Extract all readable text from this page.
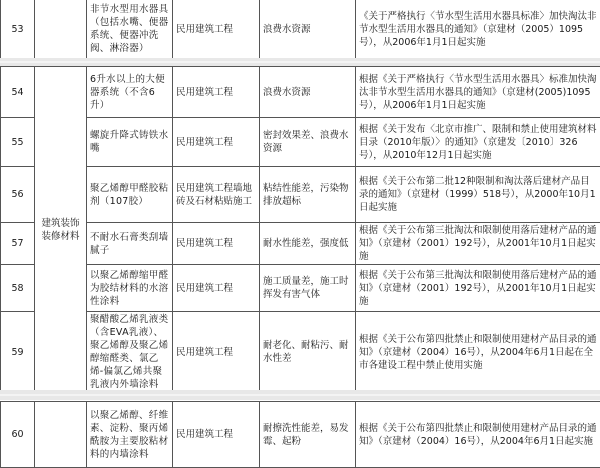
53		非节水型用水器具（包括水嘴、便器系统、便器冲洗阀、淋浴器）	民用建筑工程	浪费水资源	《关于严格执行〈节水型生活用水器具标准〉加快淘汰非节水型生活用水器具的通知》（京建材（2005）1095号），从2006年1月1日起实施
54	建筑装饰装修材料	6升水以上的大便器系统（不含6升）	民用建筑工程	浪费水资源	根据《关于严格执行〈节水型生活用水器具〉标准加快淘汰非节水型生活用水器具的通知》（京建材(2005)1095号），从2006年1月1日起实施
55		螺旋升降式铸铁水嘴	民用建筑工程	密封效果差、浪费水资源	根据《关于发布〈北京市推广、限制和禁止使用建筑材料目录（2010年版）〉的通知》（京建发〔2010〕326号），从2010年12月1日起实施
56		聚乙烯醇甲醛胶粘剂（107胶）	民用建筑工程墙地砖及石材粘贴施工	粘结性能差，污染物排放超标	根据《关于公布第二批12种限制和淘汰落后建材产品目录的通知》（京建材（1999）518号），从2000年10月1日起实施
57		不耐水石膏类刮墙腻子	民用建筑工程	耐水性能差，强度低	根据《关于公布第三批淘汰和限制使用落后建材产品的通知》（京建材（2001）192号），从2001年10月1日起实施
58		以聚乙烯醇缩甲醛为胶结材料的水溶性涂料	民用建筑工程	施工质量差，施工时挥发有害气体	根据《关于公布第三批淘汰和限制使用落后建材产品的通知》（京建材（2001）192号），从2001年10月1日起实施
59		聚醋酸乙烯乳液类（含EVA乳液）、聚乙烯醇及聚乙烯醇缩醛类、氯乙烯-偏氯乙烯共聚乳液内外墙涂料	民用建筑工程	耐老化、耐粘污、耐水性差	根据《关于公布第四批禁止和限制使用建材产品目录的通知》（京建材（2004）16号），从2004年6月1日起在全市各建设工程中禁止使用实施
60		以聚乙烯醇、纤维素、淀粉、聚丙烯酰胺为主要胶粘材料的内墙涂料	民用建筑工程	耐擦洗性能差，易发霉、起粉	根据《关于公布第四批禁止和限制使用建材产品目录的通知》（京建材（2004）16号），从2004年6月1日起实施
